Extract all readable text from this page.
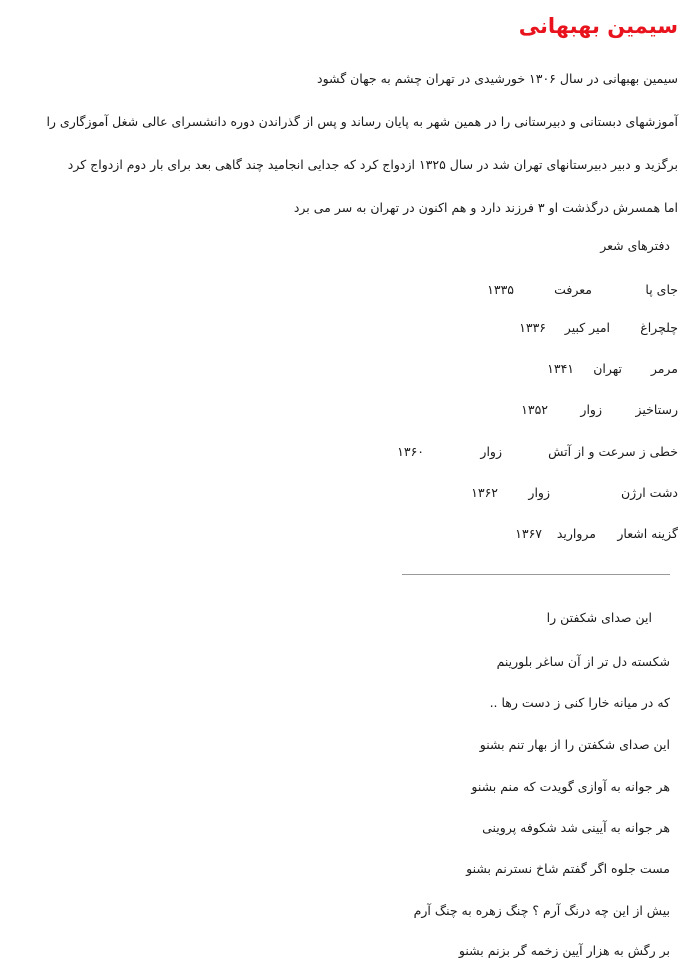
سیمین بهبهانی
سیمین بهبهانی در سال ۱۳۰۶ خورشیدی در تهران چشم به جهان گشود
آموزشهای دبستانی و دبیرستانی را در همین شهر به پایان رساند و پس از گذراندن دوره دانشسرای عالی شغل آموزگاری را
برگزید و دبیر دبیرستانهای تهران شد در سال ۱۳۲۵ ازدواج کرد که جدایی انجامید چند گاهی بعد برای بار دوم ازدواج کرد
اما همسرش درگذشت او ۳ فرزند دارد و هم اکنون در تهران به سر می برد
دفترهای شعر
جای پا
معرفت
۱۳۳۵
چلچراغ
امیر کبیر
۱۳۳۶
مرمر
تهران
۱۳۴۱
رستاخیز
زوار
۱۳۵۲
خطی ز سرعت و از آتش
زوار
۱۳۶۰
دشت ارژن
زوار
۱۳۶۲
گزینه اشعار
مروارید
۱۳۶۷
این صدای شکفتن را
شکسته دل تر از آن ساغر بلورینم
که در میانه خارا کنی ز دست رها ..
این صدای شکفتن را از بهار تنم بشنو
هر جوانه به آوازی گویدت که منم بشنو
هر جوانه به آیینی شد شکوفه پروینی
مست جلوه اگر گفتم شاخ نسترنم بشنو
بیش از این چه درنگ آرم ؟ چنگ زهره به چنگ آرم
بر رگش به هزار آیین زخمه گر بزنم بشنو
